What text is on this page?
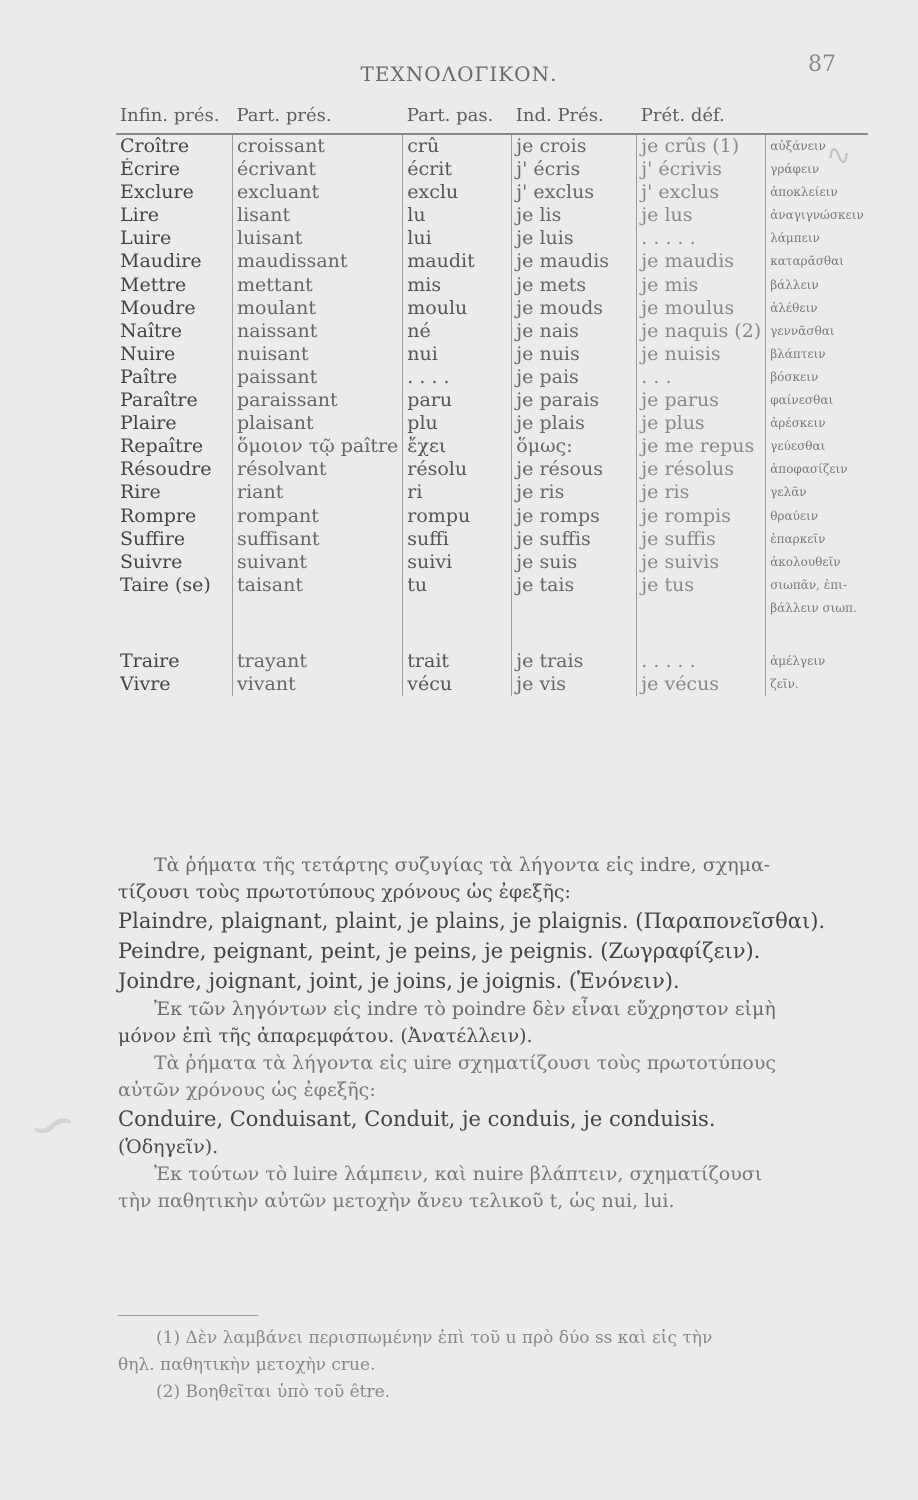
ΤΕΧΝΟΛΟΓΙΚΟΝ.	87
Infin. prés.	Part. prés.	Part. pas.	Ind. Prés.	Prét. déf.	
Croître	croissant	crû	je crois	je crûs (1)	αὐξάνειν
Écrire	écrivant	écrit	j' écris	j' écrivis	γράφειν
Exclure	excluant	exclu	j' exclus	j' exclus	ἀποκλείειν
Lire	lisant	lu	je lis	je lus	ἀναγιγνώσκειν
Luire	luisant	lui	je luis	. . . . .	λάμπειν
Maudire	maudissant	maudit	je maudis	je maudis	καταρᾶσθαι
Mettre	mettant	mis	je mets	je mis	βάλλειν
Moudre	moulant	moulu	je mouds	je moulus	ἀλέθειν
Naître	naissant	né	je nais	je naquis (2)	γεννᾶσθαι
Nuire	nuisant	nui	je nuis	je nuisis	βλάπτειν
Paître	paissant	. . . .	je pais	. . .	βόσκειν
Paraître	paraissant	paru	je parais	je parus	φαίνεσθαι
Plaire	plaisant	plu	je plais	je plus	ἀρέσκειν
Repaître	ὅμοιον τῷ paître	ἔχει	ὅμως:	je me repus	γεύεσθαι
Résoudre	résolvant	résolu	je résous	je résolus	ἀποφασίζειν
Rire	riant	ri	je ris	je ris	γελᾶν
Rompre	rompant	rompu	je romps	je rompis	θραύειν
Suffire	suffisant	suffi	je suffis	je suffis	ἐπαρκεῖν
Suivre	suivant	suivi	je suis	je suivis	ἀκολουθεῖν
Taire (se)	taisant	tu	je tais	je tus	σιωπᾶν, ἐπι-
					βάλλειν σιωπ.

Traire	trayant	trait	je trais	. . . . .	ἀμέλγειν
Vivre	vivant	vécu	je vis	je vécus	ζεῖν.
∿
∽

Τὰ ῥήματα τῆς τετάρτης συζυγίας τὰ λήγοντα εἰς indre, σχημα-

τίζουσι τοὺς πρωτοτύπους χρόνους ὡς ἐφεξῆς:

Plaindre, plaignant, plaint, je plains, je plaignis. (Παραπονεῖσθαι).

Peindre, peignant, peint, je peins, je peignis. (Ζωγραφίζειν).

Joindre, joignant, joint, je joins, je joignis. (Ἑνόνειν).

Ἐκ τῶν ληγόντων εἰς indre τὸ poindre δὲν εἶναι εὔχρηστον εἰμὴ

μόνον ἐπὶ τῆς ἀπαρεμφάτου. (Ἀνατέλλειν).

Τὰ ῥήματα τὰ λήγοντα εἰς uire σχηματίζουσι τοὺς πρωτοτύπους

αὐτῶν χρόνους ὡς ἐφεξῆς:

Conduire, Conduisant, Conduit, je conduis, je conduisis.

(Ὁδηγεῖν).

Ἐκ τούτων τὸ luire λάμπειν, καὶ nuire βλάπτειν, σχηματίζουσι

τὴν παθητικὴν αὐτῶν μετοχὴν ἄνευ τελικοῦ t, ὡς nui, lui.

(1) Δὲν λαμβάνει περισπωμένην ἐπὶ τοῦ u πρὸ δύο ss καὶ εἰς τὴν

θηλ. παθητικὴν μετοχὴν crue.

(2) Βοηθεῖται ὑπὸ τοῦ être.
